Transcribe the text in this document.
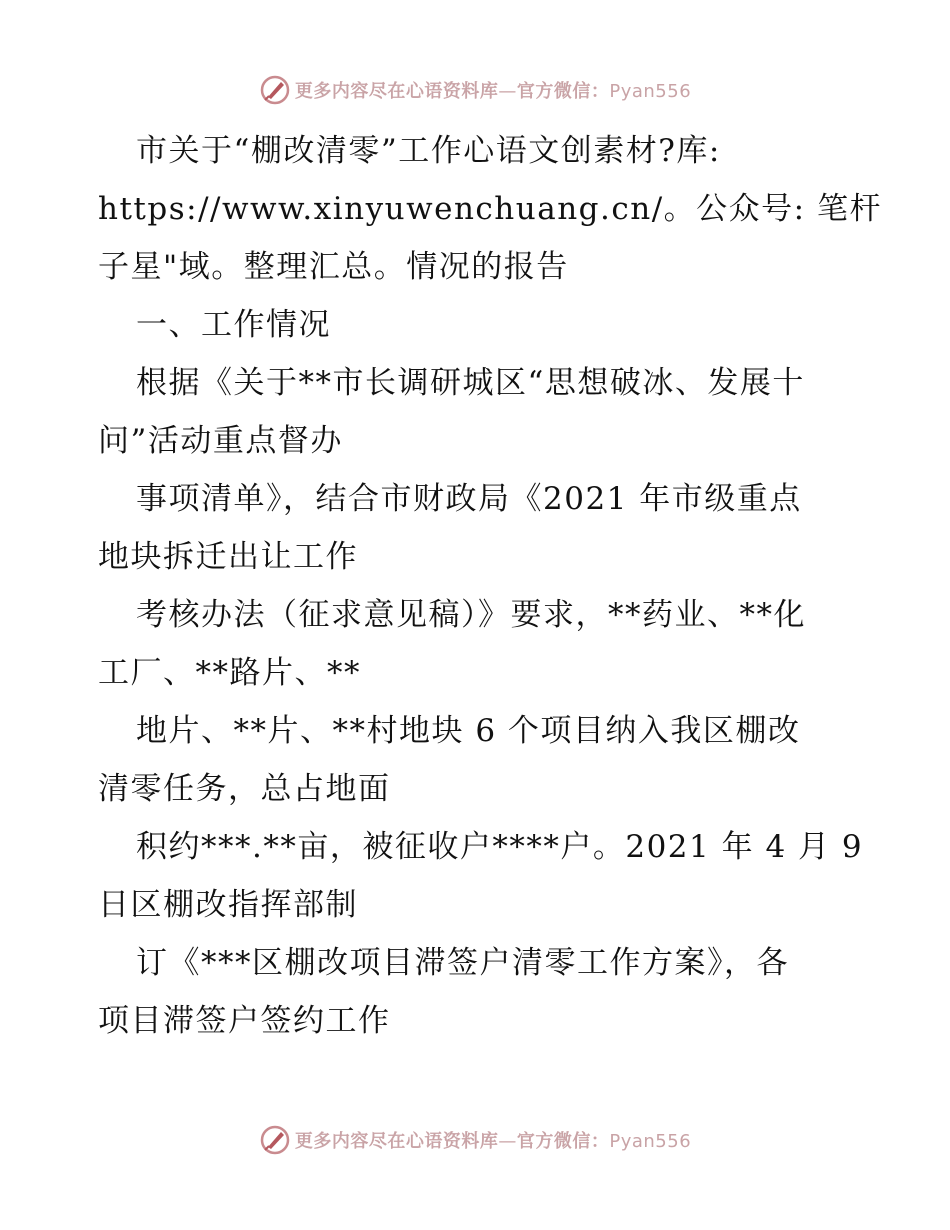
更多内容尽在心语资料库—官方微信：Pyan556
市关于“棚改清零”工作心语文创素材?库:
https://www.xinyuwenchuang.cn/。公众号: 笔杆
子星"域。整理汇总。情况的报告
一、工作情况
根据《关于**市长调研城区“思想破冰、发展十
问”活动重点督办
事项清单》，结合市财政局《2021 年市级重点
地块拆迁出让工作
考核办法（征求意见稿）》要求，**药业、**化
工厂、**路片、**
地片、**片、**村地块 6 个项目纳入我区棚改
清零任务，总占地面
积约***.**亩，被征收户****户。2021 年 4 月 9
日区棚改指挥部制
订《***区棚改项目滞签户清零工作方案》，各
项目滞签户签约工作
更多内容尽在心语资料库—官方微信：Pyan556
